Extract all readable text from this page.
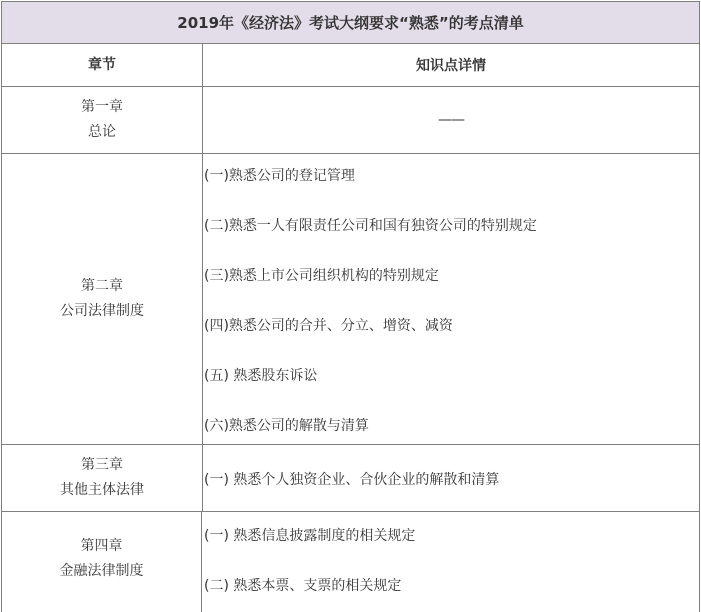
2019年《经济法》考试大纲要求“熟悉”的考点清单
章节	知识点详情
第一章
总论
——
第二章
公司法律制度
(一)熟悉公司的登记管理
(二)熟悉一人有限责任公司和国有独资公司的特别规定
(三)熟悉上市公司组织机构的特别规定
(四)熟悉公司的合并、分立、增资、减资
(五) 熟悉股东诉讼
(六)熟悉公司的解散与清算
第三章
其他主体法律
(一) 熟悉个人独资企业、合伙企业的解散和清算
第四章
金融法律制度
(一) 熟悉信息披露制度的相关规定
(二) 熟悉本票、支票的相关规定
